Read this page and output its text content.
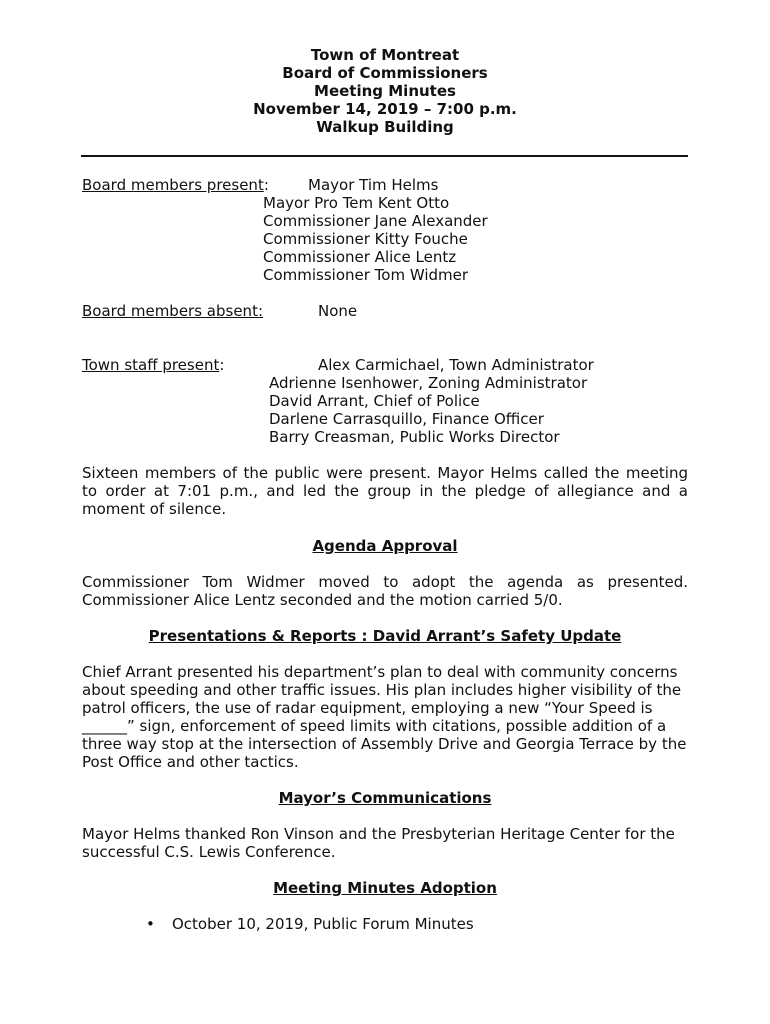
Town of Montreat
Board of Commissioners
Meeting Minutes
November 14, 2019 – 7:00 p.m.
Walkup Building
Board members present:	Mayor Tim Helms
Mayor Pro Tem Kent Otto
Commissioner Jane Alexander
Commissioner Kitty Fouche
Commissioner Alice Lentz
Commissioner Tom Widmer
Board members absent:	None
Town staff present:	Alex Carmichael, Town Administrator
Adrienne Isenhower, Zoning Administrator
David Arrant, Chief of Police
Darlene Carrasquillo, Finance Officer
Barry Creasman, Public Works Director
Sixteen members of the public were present. Mayor Helms called the meeting to order at 7:01 p.m., and led the group in the pledge of allegiance and a moment of silence.
Agenda Approval
Commissioner Tom Widmer moved to adopt the agenda as presented. Commissioner Alice Lentz seconded and the motion carried 5/0.
Presentations & Reports : David Arrant’s Safety Update
Chief Arrant presented his department’s plan to deal with community concerns about speeding and other traffic issues. His plan includes higher visibility of the patrol officers, the use of radar equipment, employing a new “Your Speed is ______” sign, enforcement of speed limits with citations, possible addition of a three way stop at the intersection of Assembly Drive and Georgia Terrace by the Post Office and other tactics.
Mayor’s Communications
Mayor Helms thanked Ron Vinson and the Presbyterian Heritage Center for the successful C.S. Lewis Conference.
Meeting Minutes Adoption
• October 10, 2019, Public Forum Minutes
